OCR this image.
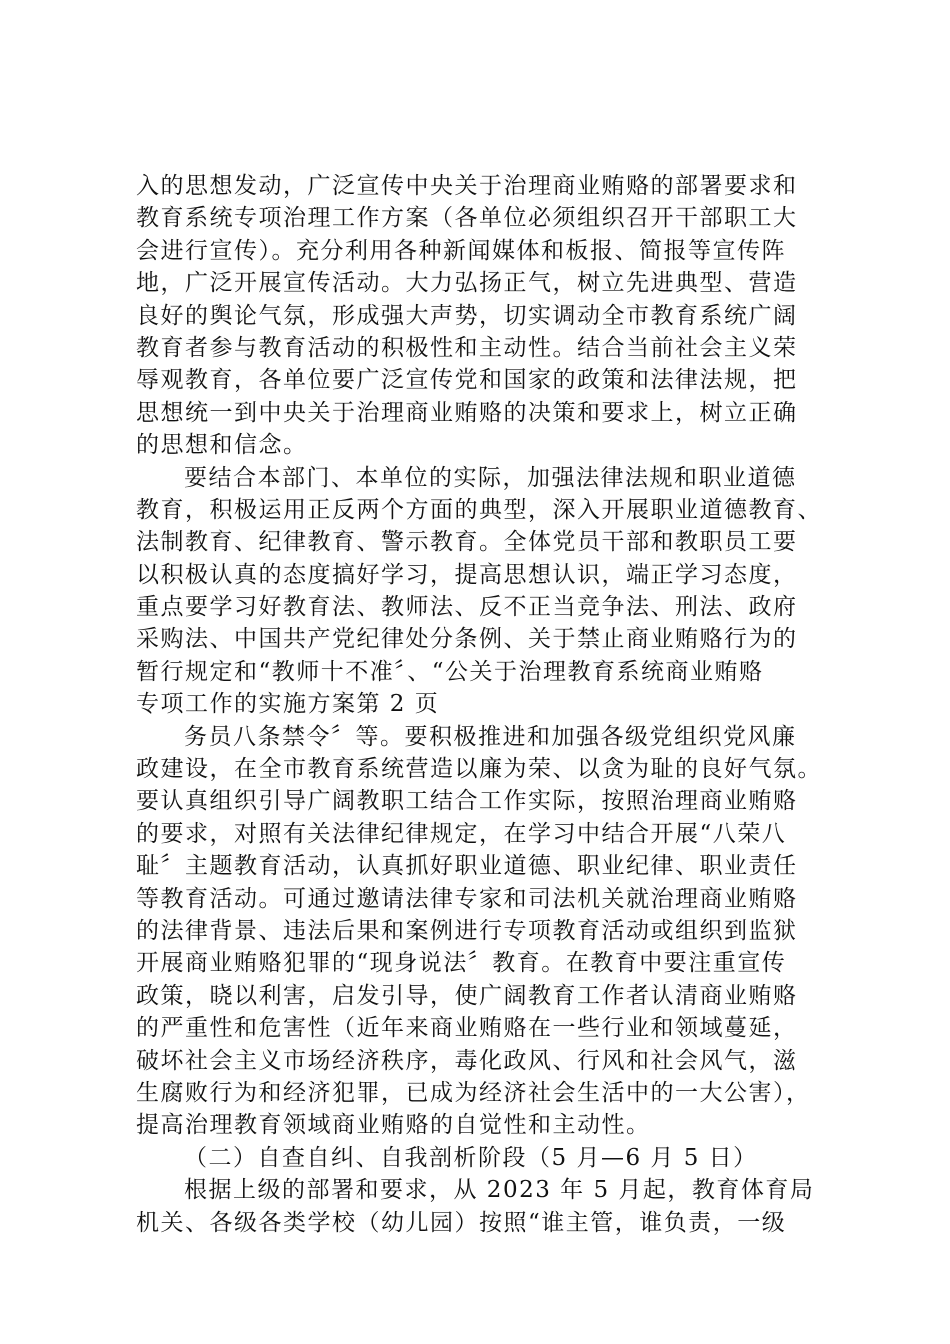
入的思想发动，广泛宣传中央关于治理商业贿赂的部署要求和
教育系统专项治理工作方案（各单位必须组织召开干部职工大
会进行宣传）。充分利用各种新闻媒体和板报、简报等宣传阵
地，广泛开展宣传活动。大力弘扬正气，树立先进典型、营造
良好的舆论气氛，形成强大声势，切实调动全市教育系统广阔
教育者参与教育活动的积极性和主动性。结合当前社会主义荣
辱观教育，各单位要广泛宣传党和国家的政策和法律法规，把
思想统一到中央关于治理商业贿赂的决策和要求上，树立正确
的思想和信念。
要结合本部门、本单位的实际，加强法律法规和职业道德
教育，积极运用正反两个方面的典型，深入开展职业道德教育、
法制教育、纪律教育、警示教育。全体党员干部和教职员工要
以积极认真的态度搞好学习，提高思想认识，端正学习态度，
重点要学习好教育法、教师法、反不正当竞争法、刑法、政府
采购法、中国共产党纪律处分条例、关于禁止商业贿赂行为的
暂行规定和“教师十不准〞、“公关于治理教育系统商业贿赂
专项工作的实施方案第 2 页
务员八条禁令〞等。要积极推进和加强各级党组织党风廉
政建设，在全市教育系统营造以廉为荣、以贪为耻的良好气氛。
要认真组织引导广阔教职工结合工作实际，按照治理商业贿赂
的要求，对照有关法律纪律规定，在学习中结合开展“八荣八
耻〞主题教育活动，认真抓好职业道德、职业纪律、职业责任
等教育活动。可通过邀请法律专家和司法机关就治理商业贿赂
的法律背景、违法后果和案例进行专项教育活动或组织到监狱
开展商业贿赂犯罪的“现身说法〞教育。在教育中要注重宣传
政策，晓以利害，启发引导，使广阔教育工作者认清商业贿赂
的严重性和危害性（近年来商业贿赂在一些行业和领域蔓延，
破坏社会主义市场经济秩序，毒化政风、行风和社会风气，滋
生腐败行为和经济犯罪，已成为经济社会生活中的一大公害），
提高治理教育领域商业贿赂的自觉性和主动性。
（二）自查自纠、自我剖析阶段（5 月—6 月 5 日）
根据上级的部署和要求，从 2023 年 5 月起，教育体育局
机关、各级各类学校（幼儿园）按照“谁主管，谁负责，一级
